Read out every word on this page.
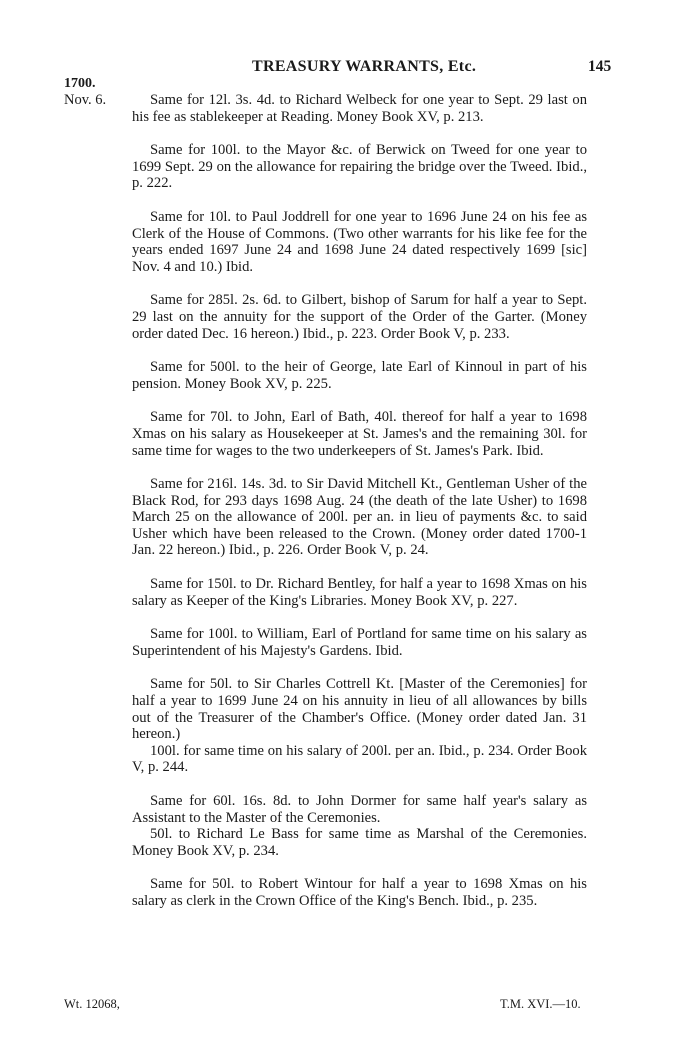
TREASURY WARRANTS, Etc.	145
1700.
Nov. 6.	Same for 12l. 3s. 4d. to Richard Welbeck for one year to Sept. 29 last on his fee as stablekeeper at Reading. Money Book XV, p. 213.

Same for 100l. to the Mayor &c. of Berwick on Tweed for one year to 1699 Sept. 29 on the allowance for repairing the bridge over the Tweed. Ibid., p. 222.

Same for 10l. to Paul Joddrell for one year to 1696 June 24 on his fee as Clerk of the House of Commons. (Two other warrants for his like fee for the years ended 1697 June 24 and 1698 June 24 dated respectively 1699 [sic] Nov. 4 and 10.) Ibid.

Same for 285l. 2s. 6d. to Gilbert, bishop of Sarum for half a year to Sept. 29 last on the annuity for the support of the Order of the Garter. (Money order dated Dec. 16 hereon.) Ibid., p. 223. Order Book V, p. 233.

Same for 500l. to the heir of George, late Earl of Kinnoul in part of his pension. Money Book XV, p. 225.

Same for 70l. to John, Earl of Bath, 40l. thereof for half a year to 1698 Xmas on his salary as Housekeeper at St. James's and the remaining 30l. for same time for wages to the two underkeepers of St. James's Park. Ibid.

Same for 216l. 14s. 3d. to Sir David Mitchell Kt., Gentleman Usher of the Black Rod, for 293 days 1698 Aug. 24 (the death of the late Usher) to 1698 March 25 on the allowance of 200l. per an. in lieu of payments &c. to said Usher which have been released to the Crown. (Money order dated 1700-1 Jan. 22 hereon.) Ibid., p. 226. Order Book V, p. 24.

Same for 150l. to Dr. Richard Bentley, for half a year to 1698 Xmas on his salary as Keeper of the King's Libraries. Money Book XV, p. 227.

Same for 100l. to William, Earl of Portland for same time on his salary as Superintendent of his Majesty's Gardens. Ibid.

Same for 50l. to Sir Charles Cottrell Kt. [Master of the Ceremonies] for half a year to 1699 June 24 on his annuity in lieu of all allowances by bills out of the Treasurer of the Chamber's Office. (Money order dated Jan. 31 hereon.)

100l. for same time on his salary of 200l. per an. Ibid., p. 234. Order Book V, p. 244.

Same for 60l. 16s. 8d. to John Dormer for same half year's salary as Assistant to the Master of the Ceremonies.

50l. to Richard Le Bass for same time as Marshal of the Ceremonies. Money Book XV, p. 234.

Same for 50l. to Robert Wintour for half a year to 1698 Xmas on his salary as clerk in the Crown Office of the King's Bench. Ibid., p. 235.

Wt. 12068,	T.M. XVI.—10.
